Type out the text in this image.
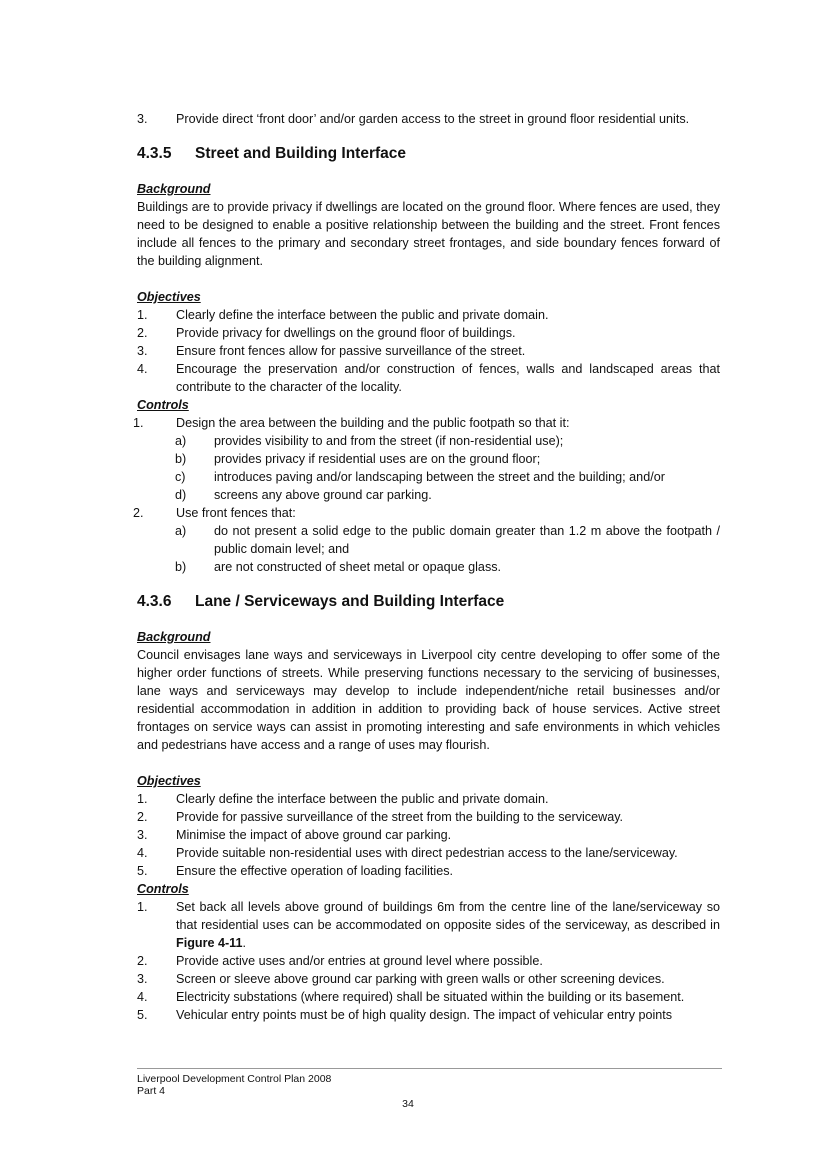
3. Provide direct ‘front door’ and/or garden access to the street in ground floor residential units.
4.3.5 Street and Building Interface

Background

Buildings are to provide privacy if dwellings are located on the ground floor. Where fences are used, they need to be designed to enable a positive relationship between the building and the street. Front fences include all fences to the primary and secondary street frontages, and side boundary fences forward of the building alignment.

Objectives

1. Clearly define the interface between the public and private domain.
2. Provide privacy for dwellings on the ground floor of buildings.
3. Ensure front fences allow for passive surveillance of the street.
4. Encourage the preservation and/or construction of fences, walls and landscaped areas that contribute to the character of the locality.

Controls

1.	Design the area between the building and the public footpath so that it:
a) provides visibility to and from the street (if non-residential use);
b) provides privacy if residential uses are on the ground floor;
c) introduces paving and/or landscaping between the street and the building; and/or
d) screens any above ground car parking.
2.	Use front fences that:
a) do not present a solid edge to the public domain greater than 1.2 m above the footpath / public domain level; and
b) are not constructed of sheet metal or opaque glass.
4.3.6 Lane / Serviceways and Building Interface

Background

Council envisages lane ways and serviceways in Liverpool city centre developing to offer some of the higher order functions of streets. While preserving functions necessary to the servicing of businesses, lane ways and serviceways may develop to include independent/niche retail businesses and/or residential accommodation in addition in addition to providing back of house services. Active street frontages on service ways can assist in promoting interesting and safe environments in which vehicles and pedestrians have access and a range of uses may flourish.

Objectives

1. Clearly define the interface between the public and private domain.
2. Provide for passive surveillance of the street from the building to the serviceway.
3. Minimise the impact of above ground car parking.
4. Provide suitable non-residential uses with direct pedestrian access to the lane/serviceway.
5. Ensure the effective operation of loading facilities.

Controls

1. Set back all levels above ground of buildings 6m from the centre line of the lane/serviceway so that residential uses can be accommodated on opposite sides of the serviceway, as described in Figure 4-11.
2. Provide active uses and/or entries at ground level where possible.
3. Screen or sleeve above ground car parking with green walls or other screening devices.
4. Electricity substations (where required) shall be situated within the building or its basement.
5. Vehicular entry points must be of high quality design. The impact of vehicular entry points
Liverpool Development Control Plan 2008
Part 4
34
